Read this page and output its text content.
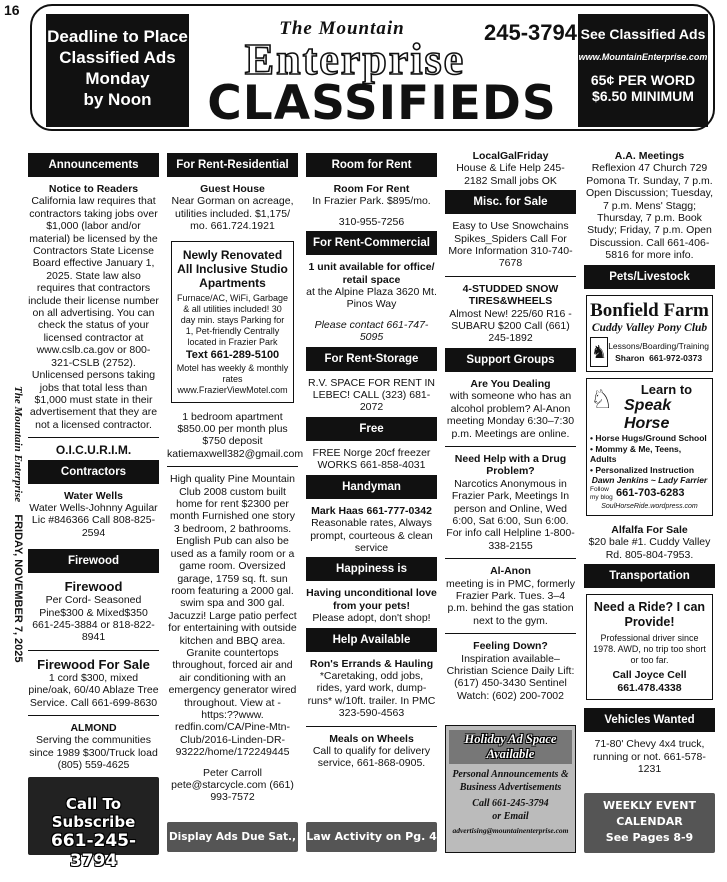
16
Deadline to Place
Classified Ads
Monday
by Noon
The Mountain
Enterprise
245-3794
CLASSIFIEDS
See Classified Ads
www.MountainEnterprise.com
65¢ PER WORD
$6.50 MINIMUM
The Mountain Enterprise    FRIDAY, NOVEMBER 7, 2025
Announcements
Notice to Readers
California law requires that contractors taking jobs over $1,000 (labor and/or material) be licensed by the Contractors State License Board effective January 1, 2025. State law also requires that contractors include their license number on all advertising. You can check the status of your licensed contractor at www.cslb.ca.gov or 800-321-CSLB (2752). Unlicensed persons taking jobs that total less than $1,000 must state in their advertisement that they are not a licensed contractor.
O.I.C.U.R.I.M.
Contractors
Water Wells
Water Wells-Johnny Aguilar Lic #846366 Call 808-825-2594
Firewood
Firewood
Per Cord- Seasoned Pine$300 & Mixed$350 661-245-3884 or 818-822-8941
Firewood For Sale
1 cord $300, mixed pine/oak, 60/40 Ablaze Tree Service. Call 661-699-8630
ALMOND
Serving the communities since 1989 $300/Truck load (805) 559-4625
Call To Subscribe
661-245-3794
For Rent-Residential
Guest House
Near Gorman on acreage, utilities included. $1,175/ mo. 661.724.1921
Newly Renovated All Inclusive Studio Apartments
Furnace/AC, WiFi, Garbage & all utilities included! 30 day min. stays Parking for 1, Pet-friendly Centrally located in Frazier Park
Text 661-289-5100
Motel has weekly & monthly rates www.FrazierViewMotel.com
1 bedroom apartment $850.00 per month plus $750 deposit katiemaxwell382@gmail.com
High quality Pine Mountain Club 2008 custom built home for rent $2300 per month Furnished one story 3 bedroom, 2 bathrooms. English Pub can also be used as a family room or a game room. Oversized garage, 1759 sq. ft. sun room featuring a 2000 gal. swim spa and 300 gal. Jacuzzi! Large patio perfect for entertaining with outside kitchen and BBQ area. Granite countertops throughout, forced air and air conditioning with an emergency generator wired throughout. View at - https:??www. redfin.com/CA/Pine-Mtn-Club/2016-Linden-DR-93222/home/172249445
Peter Carroll pete@starcycle.com (661) 993-7572
Display Ads Due Sat., 2 p.m.
Room for Rent
Room For Rent
In Frazier Park. $895/mo.
310-955-7256
For Rent-Commercial
1 unit available for office/ retail space
at the Alpine Plaza 3620 Mt. Pinos Way
Please contact 661-747-5095
For Rent-Storage
R.V. SPACE FOR RENT IN LEBEC! CALL (323) 681-2072
Free
FREE Norge 20cf freezer WORKS 661-858-4031
Handyman
Mark Haas 661-777-0342
Reasonable rates, Always prompt, courteous & clean service
Happiness is
Having unconditional love from your pets!
Please adopt, don't shop!
Help Available
Ron's Errands & Hauling
*Caretaking, odd jobs, rides, yard work, dump-runs* w/10ft. trailer. In PMC 323-590-4563
Meals on Wheels
Call to qualify for delivery service, 661-868-0905.
Law Activity on Pg. 4
LocalGalFriday
House & Life Help 245-2182 Small jobs OK
Misc. for Sale
Easy to Use Snowchains Spikes_Spiders Call For More Information 310-740-7678
4-STUDDED SNOW TIRES&WHEELS
Almost New! 225/60 R16 - SUBARU $200 Call (661) 245-1892
Support Groups
Are You Dealing
with someone who has an alcohol problem? Al-Anon meeting Monday 6:30–7:30 p.m. Meetings are online.
Need Help with a Drug Problem?
Narcotics Anonymous in Frazier Park, Meetings In person and Online, Wed 6:00, Sat 6:00, Sun 6:00. For info call Helpline 1-800-338-2155
Al-Anon
meeting is in PMC, formerly Frazier Park. Tues. 3–4 p.m. behind the gas station next to the gym.
Feeling Down?
Inspiration available– Christian Science Daily Lift: (617) 450-3430 Sentinel Watch: (602) 200-7002
Holiday Ad Space Available
Personal Announcements & Business Advertisements
Call 661-245-3794
or Email
advertising@mountainenterprise.com
A.A. Meetings
Reflexion 47 Church 729 Pomona Tr. Sunday, 7 p.m. Open Discussion; Tuesday, 7 p.m. Mens' Stagg; Thursday, 7 p.m. Book Study; Friday, 7 p.m. Open Discussion. Call 661-406-5816 for more info.
Pets/Livestock
Bonfield Farm
Cuddy Valley Pony Club
♞ Lessons/Boarding/Training
Sharon 661-972-0373
♘	Learn to
Speak Horse
• Horse Hugs/Ground School
• Mommy & Me, Teens, Adults
• Personalized Instruction
Dawn Jenkins ~ Lady Farrier
Follow my blog 661-703-6283
SoulHorseRide.wordpress.com
Alfalfa For Sale
$20 bale #1. Cuddy Valley Rd. 805-804-7953.
Transportation
Need a Ride? I can Provide!
Professional driver since 1978. AWD, no trip too short or too far.
Call Joyce Cell 661.478.4338
Vehicles Wanted
71-80' Chevy 4x4 truck, running or not. 661-578-1231
WEEKLY EVENT
CALENDAR
See Pages 8-9
